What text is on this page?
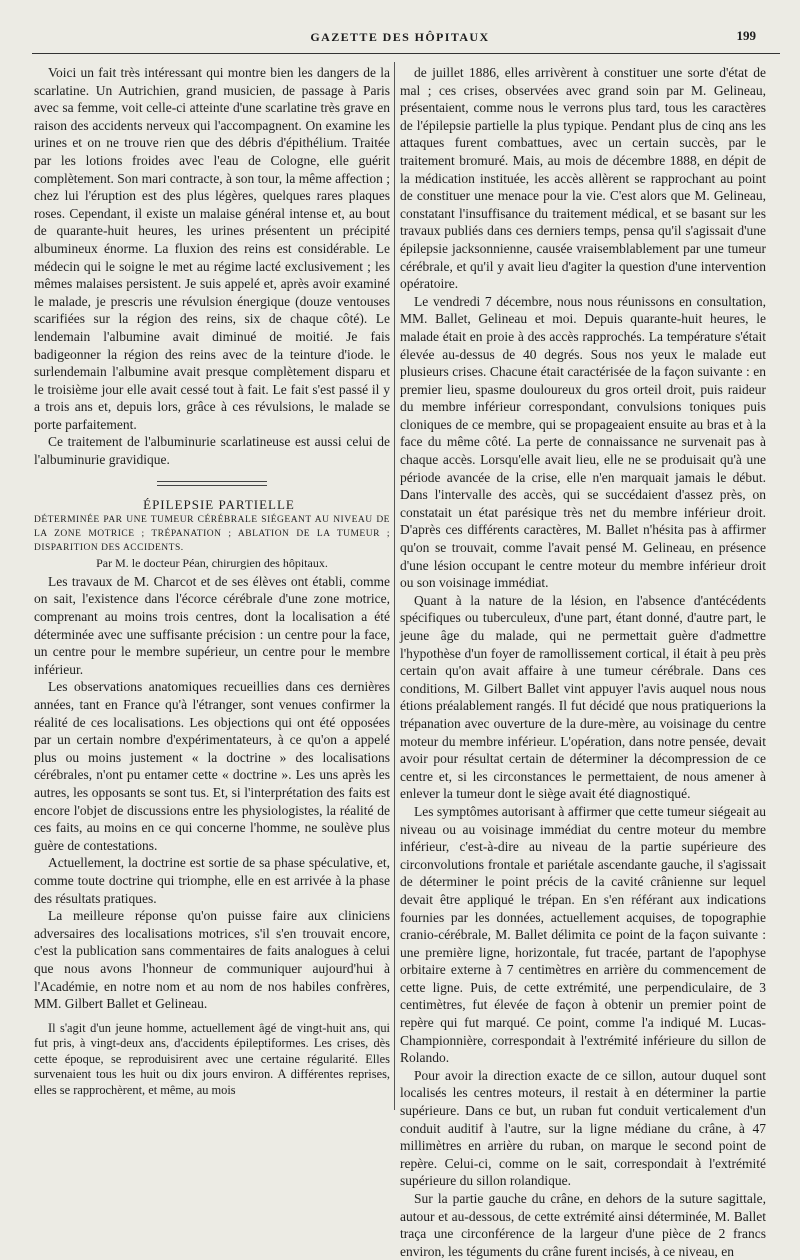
GAZETTE DES HÔPITAUX	199

Voici un fait très intéressant qui montre bien les dangers de la scarlatine. Un Autrichien, grand musicien, de passage à Paris avec sa femme, voit celle-ci atteinte d'une scarlatine très grave en raison des accidents nerveux qui l'accompagnent. On examine les urines et on ne trouve rien que des débris d'épithélium. Traitée par les lotions froides avec l'eau de Cologne, elle guérit complètement. Son mari contracte, à son tour, la même affection ; chez lui l'éruption est des plus légères, quelques rares plaques roses. Cependant, il existe un malaise général intense et, au bout de quarante-huit heures, les urines présentent un précipité albumineux énorme. La fluxion des reins est considérable. Le médecin qui le soigne le met au régime lacté exclusivement ; les mêmes malaises persistent. Je suis appelé et, après avoir examiné le malade, je prescris une révulsion énergique (douze ventouses scarifiées sur la région des reins, six de chaque côté). Le lendemain l'albumine avait diminué de moitié. Je fais badigeonner la région des reins avec de la teinture d'iode. le surlendemain l'albumine avait presque complètement disparu et le troisième jour elle avait cessé tout à fait. Le fait s'est passé il y a trois ans et, depuis lors, grâce à ces révulsions, le malade se porte parfaitement.

Ce traitement de l'albuminurie scarlatineuse est aussi celui de l'albuminurie gravidique.

ÉPILEPSIE PARTIELLE

DÉTERMINÉE PAR UNE TUMEUR CÉRÉBRALE SIÉGEANT AU NIVEAU DE LA ZONE MOTRICE ; TRÉPANATION ; ABLATION DE LA TUMEUR ; DISPARITION DES ACCIDENTS.

Par M. le docteur Péan, chirurgien des hôpitaux.

Les travaux de M. Charcot et de ses élèves ont établi, comme on sait, l'existence dans l'écorce cérébrale d'une zone motrice, comprenant au moins trois centres, dont la localisation a été déterminée avec une suffisante précision : un centre pour la face, un centre pour le membre supérieur, un centre pour le membre inférieur.

Les observations anatomiques recueillies dans ces dernières années, tant en France qu'à l'étranger, sont venues confirmer la réalité de ces localisations. Les objections qui ont été opposées par un certain nombre d'expérimentateurs, à ce qu'on a appelé plus ou moins justement « la doctrine » des localisations cérébrales, n'ont pu entamer cette « doctrine ». Les uns après les autres, les opposants se sont tus. Et, si l'interprétation des faits est encore l'objet de discussions entre les physiologistes, la réalité de ces faits, au moins en ce qui concerne l'homme, ne soulève plus guère de contestations.

Actuellement, la doctrine est sortie de sa phase spéculative, et, comme toute doctrine qui triomphe, elle en est arrivée à la phase des résultats pratiques.

La meilleure réponse qu'on puisse faire aux cliniciens adversaires des localisations motrices, s'il s'en trouvait encore, c'est la publication sans commentaires de faits analogues à celui que nous avons l'honneur de communiquer aujourd'hui à l'Académie, en notre nom et au nom de nos habiles confrères, MM. Gilbert Ballet et Gelineau.

Il s'agit d'un jeune homme, actuellement âgé de vingt-huit ans, qui fut pris, à vingt-deux ans, d'accidents épileptiformes. Les crises, dès cette époque, se reproduisirent avec une certaine régularité. Elles survenaient tous les huit ou dix jours environ. A différentes reprises, elles se rapprochèrent, et même, au mois

de juillet 1886, elles arrivèrent à constituer une sorte d'état de mal ; ces crises, observées avec grand soin par M. Gelineau, présentaient, comme nous le verrons plus tard, tous les caractères de l'épilepsie partielle la plus typique. Pendant plus de cinq ans les attaques furent combattues, avec un certain succès, par le traitement bromuré. Mais, au mois de décembre 1888, en dépit de la médication instituée, les accès allèrent se rapprochant au point de constituer une menace pour la vie. C'est alors que M. Gelineau, constatant l'insuffisance du traitement médical, et se basant sur les travaux publiés dans ces derniers temps, pensa qu'il s'agissait d'une épilepsie jacksonnienne, causée vraisemblablement par une tumeur cérébrale, et qu'il y avait lieu d'agiter la question d'une intervention opératoire.

Le vendredi 7 décembre, nous nous réunissons en consultation, MM. Ballet, Gelineau et moi. Depuis quarante-huit heures, le malade était en proie à des accès rapprochés. La température s'était élevée au-dessus de 40 degrés. Sous nos yeux le malade eut plusieurs crises. Chacune était caractérisée de la façon suivante : en premier lieu, spasme douloureux du gros orteil droit, puis raideur du membre inférieur correspondant, convulsions toniques puis cloniques de ce membre, qui se propageaient ensuite au bras et à la face du même côté. La perte de connaissance ne survenait pas à chaque accès. Lorsqu'elle avait lieu, elle ne se produisait qu'à une période avancée de la crise, elle n'en marquait jamais le début. Dans l'intervalle des accès, qui se succédaient d'assez près, on constatait un état parésique très net du membre inférieur droit. D'après ces différents caractères, M. Ballet n'hésita pas à affirmer qu'on se trouvait, comme l'avait pensé M. Gelineau, en présence d'une lésion occupant le centre moteur du membre inférieur droit ou son voisinage immédiat.

Quant à la nature de la lésion, en l'absence d'antécédents spécifiques ou tuberculeux, d'une part, étant donné, d'autre part, le jeune âge du malade, qui ne permettait guère d'admettre l'hypothèse d'un foyer de ramollissement cortical, il était à peu près certain qu'on avait affaire à une tumeur cérébrale. Dans ces conditions, M. Gilbert Ballet vint appuyer l'avis auquel nous nous étions préalablement rangés. Il fut décidé que nous pratiquerions la trépanation avec ouverture de la dure-mère, au voisinage du centre moteur du membre inférieur. L'opération, dans notre pensée, devait avoir pour résultat certain de déterminer la décompression de ce centre et, si les circonstances le permettaient, de nous amener à enlever la tumeur dont le siège avait été diagnostiqué.

Les symptômes autorisant à affirmer que cette tumeur siégeait au niveau ou au voisinage immédiat du centre moteur du membre inférieur, c'est-à-dire au niveau de la partie supérieure des circonvolutions frontale et pariétale ascendante gauche, il s'agissait de déterminer le point précis de la cavité crânienne sur lequel devait être appliqué le trépan. En s'en référant aux indications fournies par les données, actuellement acquises, de topographie cranio-cérébrale, M. Ballet délimita ce point de la façon suivante : une première ligne, horizontale, fut tracée, partant de l'apophyse orbitaire externe à 7 centimètres en arrière du commencement de cette ligne. Puis, de cette extrémité, une perpendiculaire, de 3 centimètres, fut élevée de façon à obtenir un premier point de repère qui fut marqué. Ce point, comme l'a indiqué M. Lucas-Championnière, correspondait à l'extrémité inférieure du sillon de Rolando.

Pour avoir la direction exacte de ce sillon, autour duquel sont localisés les centres moteurs, il restait à en déterminer la partie supérieure. Dans ce but, un ruban fut conduit verticalement d'un conduit auditif à l'autre, sur la ligne médiane du crâne, à 47 millimètres en arrière du ruban, on marque le second point de repère. Celui-ci, comme on le sait, correspondait à l'extrémité supérieure du sillon rolandique.

Sur la partie gauche du crâne, en dehors de la suture sagittale, autour et au-dessous, de cette extrémité ainsi déterminée, M. Ballet traça une circonférence de la largeur d'une pièce de 2 francs environ, les téguments du crâne furent incisés, à ce niveau, en
